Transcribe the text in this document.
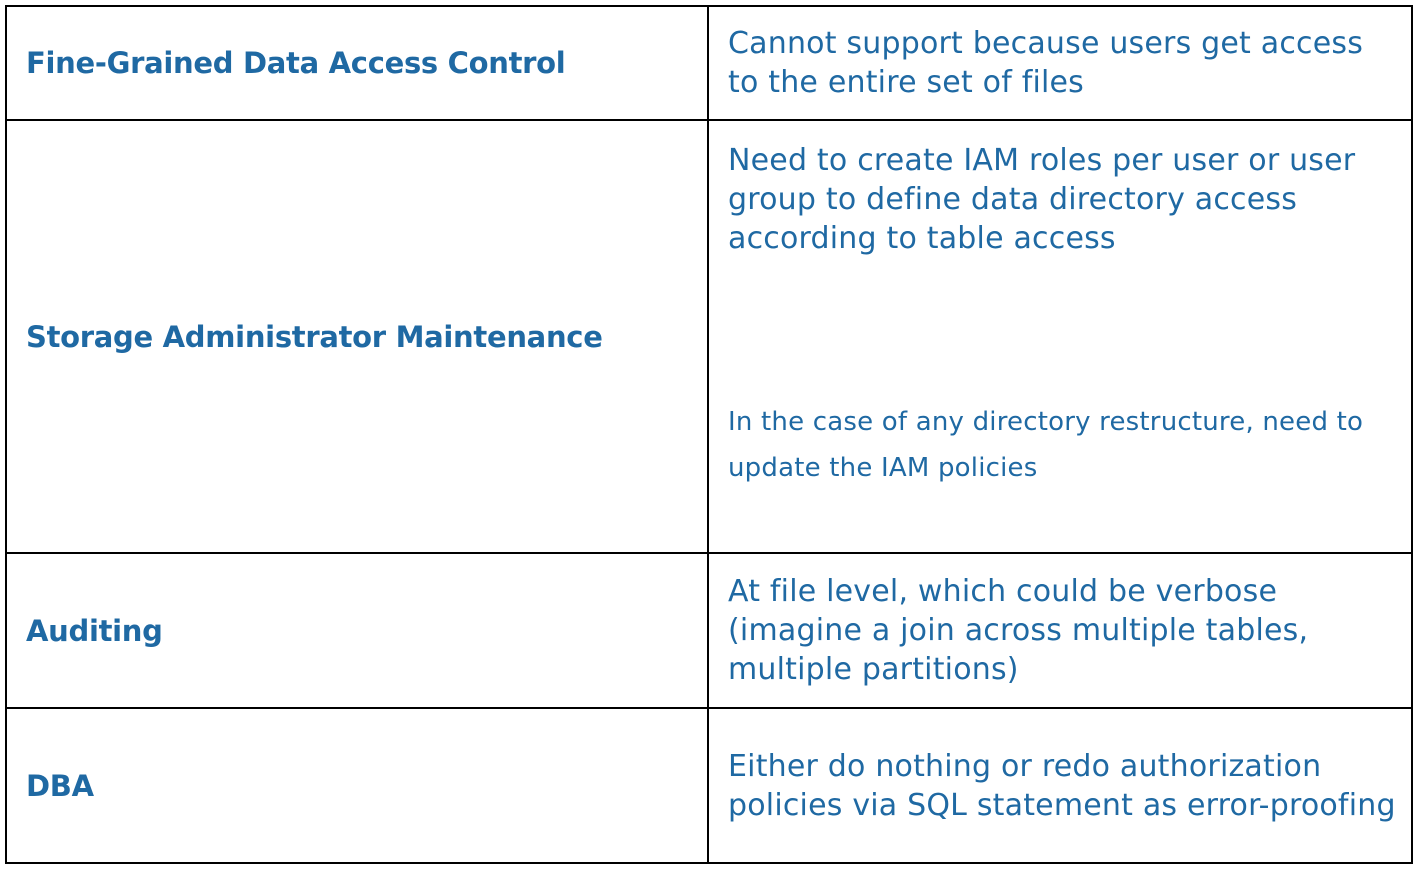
Fine-Grained Data Access Control	Cannot support because users get access to the entire set of files

Storage Administrator Maintenance	Need to create IAM roles per user or user group to define data directory access according to table access

In the case of any directory restructure, need to update the IAM policies

Auditing	At file level, which could be verbose (imagine a join across multiple tables, multiple partitions)

DBA	Either do nothing or redo authorization policies via SQL statement as error-proofing
